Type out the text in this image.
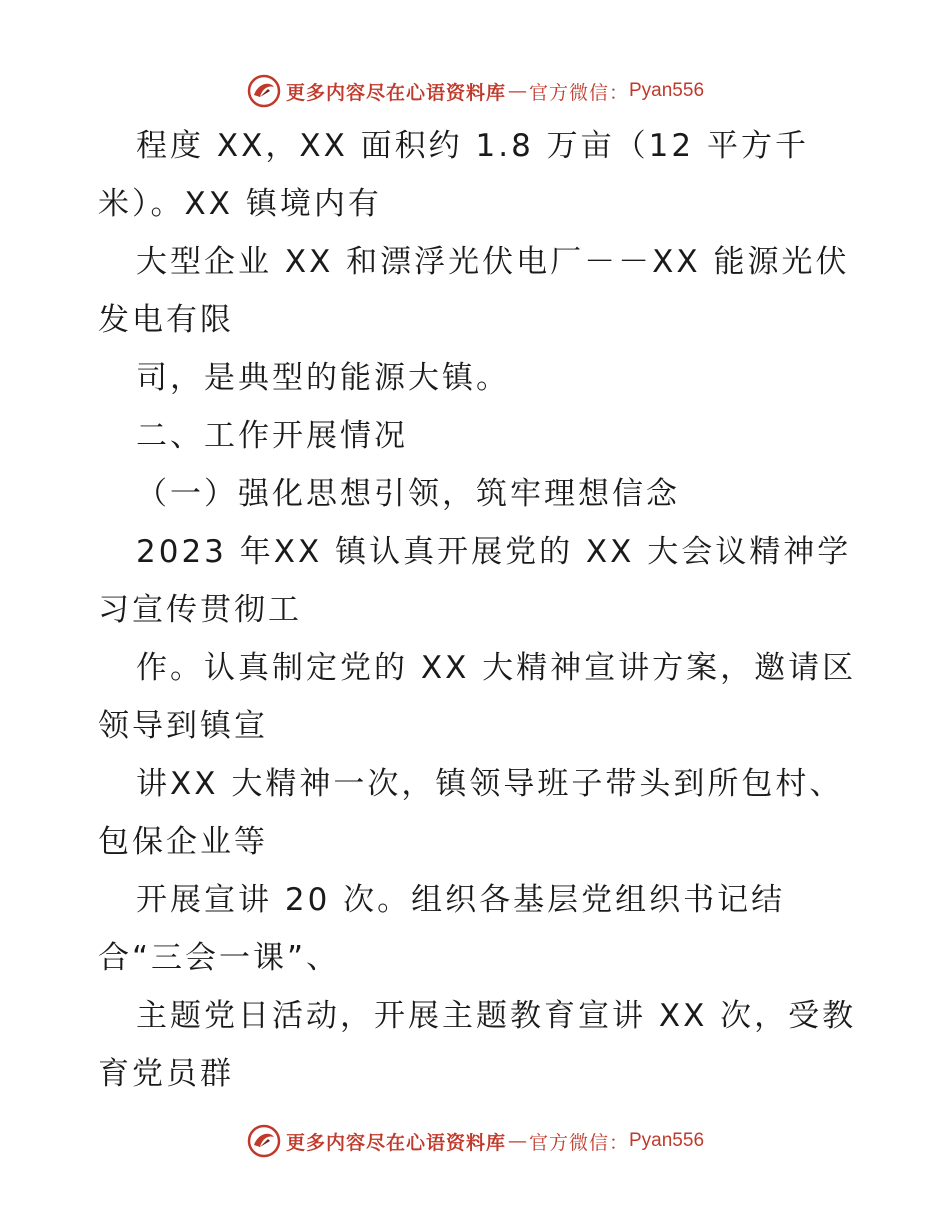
更多内容尽在心语资料库 — 官方微信： Pyan556
程度 XX，XX 面积约 1.8 万亩（12 平方千
米）。XX 镇境内有
大型企业 XX 和漂浮光伏电厂－－XX 能源光伏
发电有限
司，是典型的能源大镇。
二、工作开展情况
（一）强化思想引领，筑牢理想信念
2023 年XX 镇认真开展党的 XX 大会议精神学
习宣传贯彻工
作。认真制定党的 XX 大精神宣讲方案，邀请区
领导到镇宣
讲XX 大精神一次，镇领导班子带头到所包村、
包保企业等
开展宣讲 20 次。组织各基层党组织书记结
合“三会一课”、
主题党日活动，开展主题教育宣讲 XX 次，受教
育党员群
更多内容尽在心语资料库 — 官方微信： Pyan556
